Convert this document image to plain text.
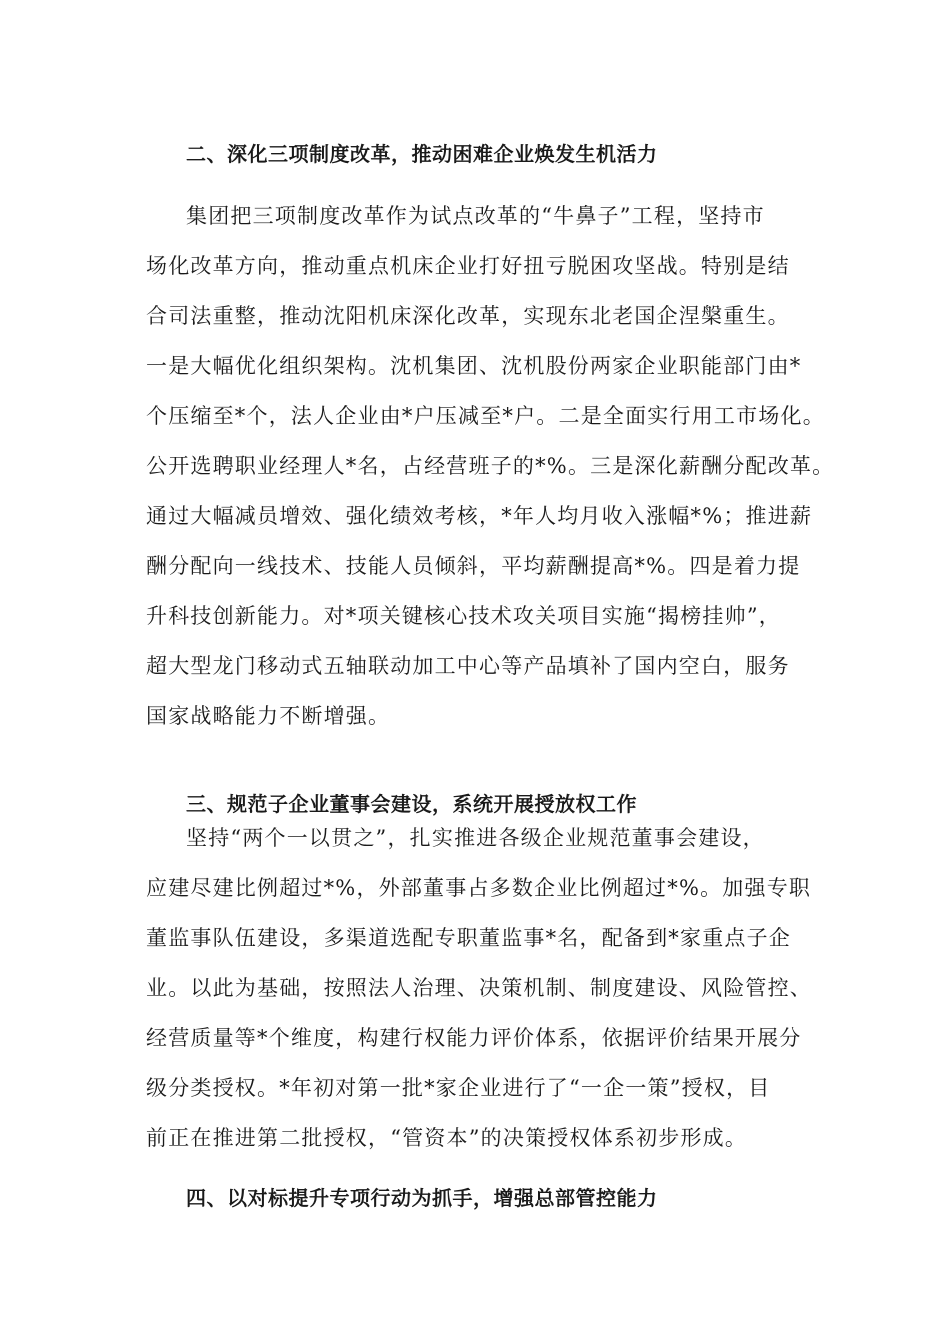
二、深化三项制度改革，推动困难企业焕发生机活力
集团把三项制度改革作为试点改革的“牛鼻子”工程，坚持市
场化改革方向，推动重点机床企业打好扭亏脱困攻坚战。特别是结
合司法重整，推动沈阳机床深化改革，实现东北老国企涅槃重生。
一是大幅优化组织架构。沈机集团、沈机股份两家企业职能部门由*
个压缩至*个，法人企业由*户压减至*户。二是全面实行用工市场化。
公开选聘职业经理人*名，占经营班子的*%。三是深化薪酬分配改革。
通过大幅减员增效、强化绩效考核，*年人均月收入涨幅*%；推进薪
酬分配向一线技术、技能人员倾斜，平均薪酬提高*%。四是着力提
升科技创新能力。对*项关键核心技术攻关项目实施“揭榜挂帅”，
超大型龙门移动式五轴联动加工中心等产品填补了国内空白，服务
国家战略能力不断增强。
三、规范子企业董事会建设，系统开展授放权工作
坚持“两个一以贯之”，扎实推进各级企业规范董事会建设，
应建尽建比例超过*%，外部董事占多数企业比例超过*%。加强专职
董监事队伍建设，多渠道选配专职董监事*名，配备到*家重点子企
业。以此为基础，按照法人治理、决策机制、制度建设、风险管控、
经营质量等*个维度，构建行权能力评价体系，依据评价结果开展分
级分类授权。*年初对第一批*家企业进行了“一企一策”授权，目
前正在推进第二批授权，“管资本”的决策授权体系初步形成。
四、以对标提升专项行动为抓手，增强总部管控能力
